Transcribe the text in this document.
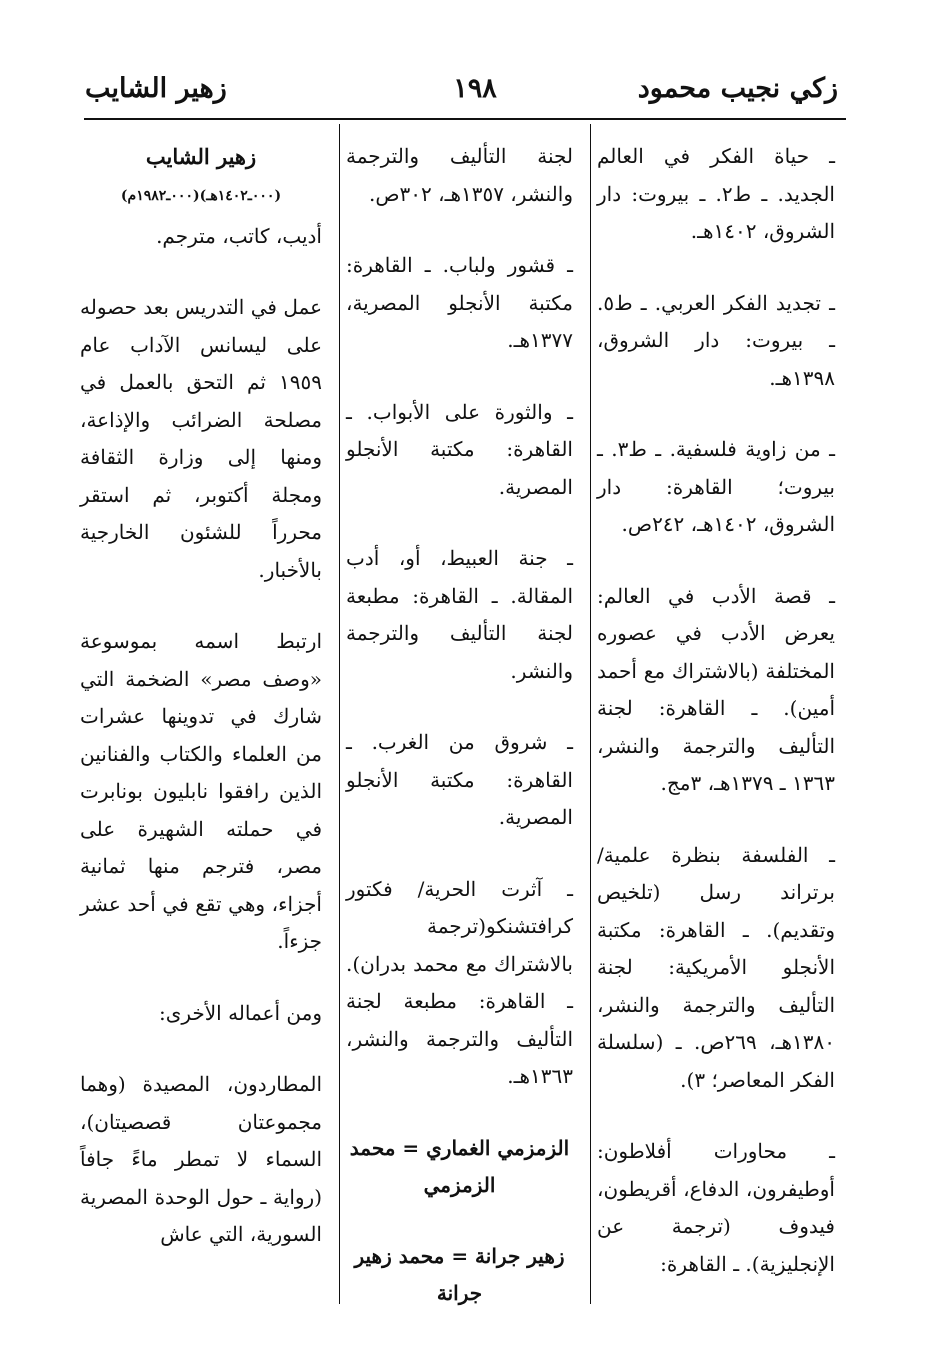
زكي نجيب محمود
١٩٨
زهير الشايب
ـ حياة الفكر في العالم الجديد. ـ ط٢. ـ بيروت: دار الشروق، ١٤٠٢هـ.
ـ تجديد الفكر العربي. ـ ط٥. ـ بيروت: دار الشروق، ١٣٩٨هـ.
ـ من زاوية فلسفية. ـ ط٣. ـ بيروت؛ القاهرة: دار الشروق، ١٤٠٢هـ، ٢٤٢ص.
ـ قصة الأدب في العالم: يعرض الأدب في عصوره المختلفة (بالاشتراك مع أحمد أمين). ـ القاهرة: لجنة التأليف والترجمة والنشر، ١٣٦٣ ـ ١٣٧٩هـ، ٣مج.
ـ الفلسفة بنظرة علمية/ برتراند رسل (تلخيص وتقديم). ـ القاهرة: مكتبة الأنجلو الأمريكية: لجنة التأليف والترجمة والنشر، ١٣٨٠هـ، ٢٦٩ص. ـ (سلسلة الفكر المعاصر؛ ٣).
ـ محاورات أفلاطون: أوطيفرون، الدفاع، أقريطون، فيدوف (ترجمة عن الإنجليزية). ـ القاهرة:
لجنة التأليف والترجمة والنشر، ١٣٥٧هـ، ٣٠٢ص.
ـ قشور ولباب. ـ القاهرة: مكتبة الأنجلو المصرية، ١٣٧٧هـ.
ـ والثورة على الأبواب. ـ القاهرة: مكتبة الأنجلو المصرية.
ـ جنة العبيط، أو، أدب المقالة. ـ القاهرة: مطبعة لجنة التأليف والترجمة والنشر.
ـ شروق من الغرب. ـ القاهرة: مكتبة الأنجلو المصرية.
ـ آثرت الحرية/ فكتور كرافتشنكو(ترجمة بالاشتراك مع محمد بدران). ـ القاهرة: مطبعة لجنة التأليف والترجمة والنشر، ١٣٦٣هـ.
الزمزمي الغماري = محمد الزمزمي
زهير جرانة = محمد زهير جرانة
زهير الشايب
(٠٠٠ـ١٤٠٢هـ)(٠٠٠ـ١٩٨٢م)
أديب، كاتب، مترجم.
عمل في التدريس بعد حصوله على ليسانس الآداب عام ١٩٥٩ ثم التحق بالعمل في مصلحة الضرائب والإذاعة، ومنها إلى وزارة الثقافة ومجلة أكتوبر، ثم استقر محرراً للشئون الخارجية بالأخبار.
ارتبط اسمه بموسوعة «وصف مصر» الضخمة التي شارك في تدوينها عشرات من العلماء والكتاب والفنانين الذين رافقوا نابليون بونابرت في حملته الشهيرة على مصر، فترجم منها ثمانية أجزاء، وهي تقع في أحد عشر جزءاً.
ومن أعماله الأخرى:
المطاردون، المصيدة (وهما مجموعتان قصصيتان)، السماء لا تمطر ماءً جافاً (رواية ـ حول الوحدة المصرية السورية، التي عاش
